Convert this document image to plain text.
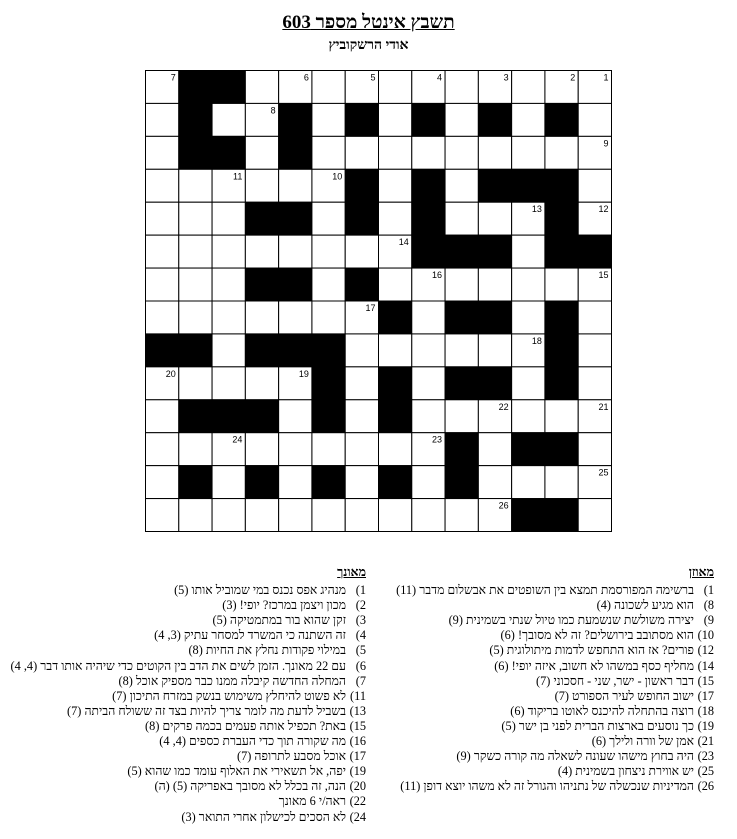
תשבץ אינטל מספר 603
אודי הרשקוביץ
1
2
3
4
5
6
7
8
9
10
11
12
13
14
15
16
17
18
19
20
21
22
23
24
25
26
מאוזן
1)ברשימה המפורסמת תמצא בין השופטים את אבשלום מדבר (11)
8)הוא מגיע לשכונה (4)
9)יצירה משולשת שנשמעת כמו טיול שנתי בשמינית (9)
10)הוא מסתובב בירושלים? זה לא מסובך! (6)
12)פורים? אז הוא התחפש לדמות מיתולוגית (5)
14)מחליף כסף במשהו לא חשוב, איזה יופי! (6)
15)דבר ראשון - ישר, שני - חסכוני (7)
17)ישוב החופש לעיר הספורט (7)
18)רוצה בהתחלה להיכנס לאוטו בריקוד (6)
19)כך נוסעים בארצות הברית לפני בן ישר (5)
21)אמן של וורה ולילך (6)
23)היה בחוץ מישהו שעונה לשאלה מה קורה כשקר (9)
25)יש אווירת ניצחון בשמינית (4)
26)המדיניות שנכשלה של נתניהו והגורל זה לא משהו יוצא דופן (11)
מאונך
1)מנהיג אפס נכנס במי שמוביל אותו (5)
2)מכון ויצמן במרכז? יופי! (3)
3)זקן שהוא בור במתמטיקה (5)
4)זה השתנה כי המשרד למסחר עתיק (3, 4)
5)במילוי פקודות נחלץ את החיות (8)
6)עם 22 מאונך. הזמן לשים את הדב בין הקוטים כדי שיהיה אותו דבר (4, 4)
7)המחלה החדשה קיבלה ממנו כבר מספיק אוכל (8)
11)לא פשוט להיחלץ משימוש בנשק במזרח התיכון (7)
13)בשביל לדעת מה לומר צריך להיות בצד זה ששולח הביתה (7)
15)באת? תכפיל אותה פעמים בכמה פרקים (8)
16)מה שקורה תוך כדי העברת כספים (4, 4)
17)אוכל מסבע לתרופה (7)
19)יפה, אל תשאירי את האלוף עומד כמו שהוא (5)
20)הנה, זה בכלל לא מסובך באפריקה (5) (ה)
22)ראה/י 6 מאונך
24)לא הסכים לכישלון אחרי התואר (3)
